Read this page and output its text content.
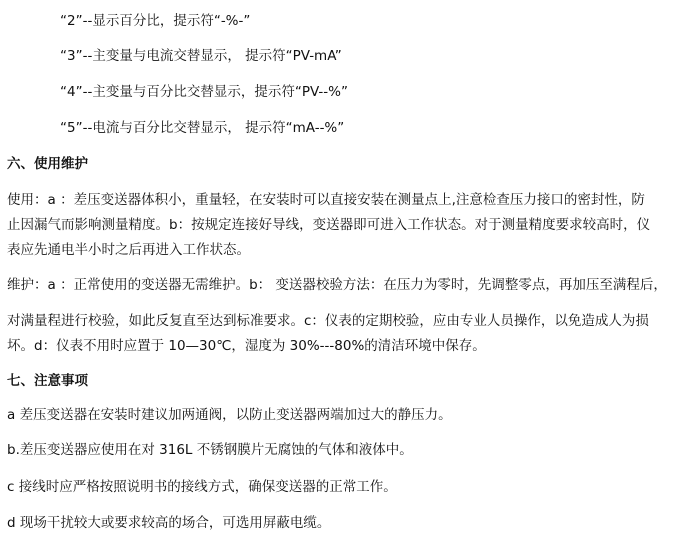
“2”--显示百分比，提示符“-%-”
“3”--主变量与电流交替显示， 提示符“PV-mA”
“4”--主变量与百分比交替显示，提示符“PV--%”
“5”--电流与百分比交替显示， 提示符“mA--%”
六、使用维护
使用：a ：差压变送器体积小，重量轻，在安装时可以直接安装在测量点上,注意检查压力接口的密封性，防
止因漏气而影响测量精度。b：按规定连接好导线，变送器即可进入工作状态。对于测量精度要求较高时，仪
表应先通电半小时之后再进入工作状态。
维护：a ：正常使用的变送器无需维护。b： 变送器校验方法：在压力为零时，先调整零点，再加压至满程后，
对满量程进行校验，如此反复直至达到标准要求。c：仪表的定期校验，应由专业人员操作，以免造成人为损
坏。d：仪表不用时应置于 10—30℃，湿度为 30%---80%的清洁环境中保存。
七、注意事项
a 差压变送器在安装时建议加两通阀，以防止变送器两端加过大的静压力。
b.差压变送器应使用在对 316L 不锈钢膜片无腐蚀的气体和液体中。
c 接线时应严格按照说明书的接线方式，确保变送器的正常工作。
d 现场干扰较大或要求较高的场合，可选用屏蔽电缆。
